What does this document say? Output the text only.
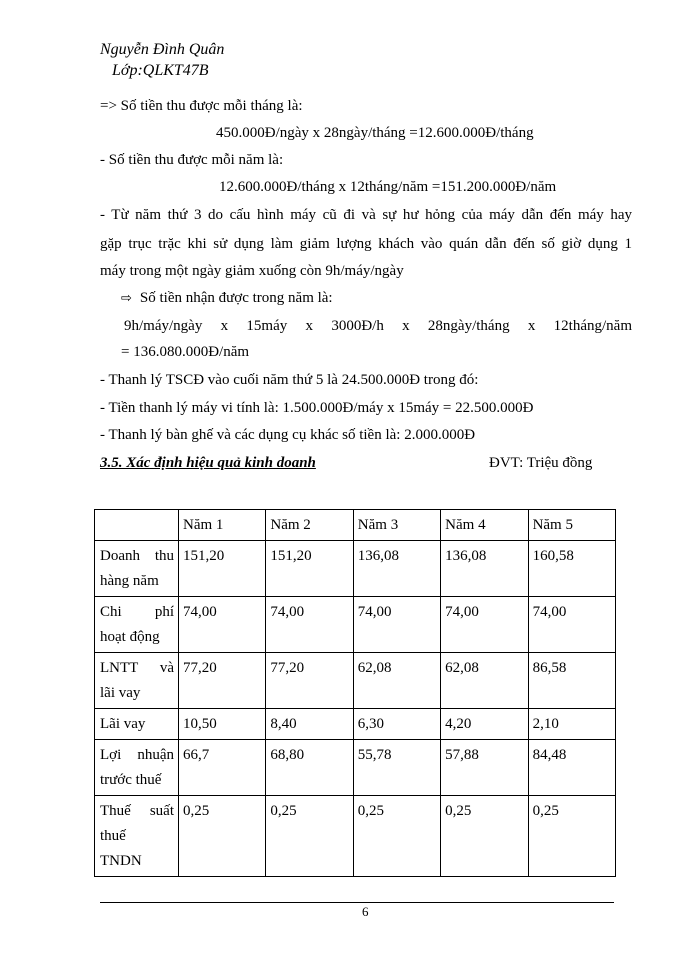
Nguyễn Đình Quân
Lớp:QLKT47B
=> Số tiền thu được mỗi tháng là:
450.000Đ/ngày x 28ngày/tháng =12.600.000Đ/tháng
- Số tiền thu được mỗi năm là:
12.600.000Đ/tháng x 12tháng/năm =151.200.000Đ/năm
- Từ năm thứ 3 do cấu hình máy cũ đi và sự hư hỏng của máy dẫn đến máy hay
gặp trục trặc khi sử dụng làm giảm lượng khách vào quán dẫn đến số giờ dụng 1
máy trong một ngày giảm xuống còn 9h/máy/ngày
⇨ Số tiền nhận được trong năm là:
9h/máy/ngày x 15máy x 3000Đ/h x 28ngày/tháng x 12tháng/năm
= 136.080.000Đ/năm
- Thanh lý TSCĐ vào cuối năm thứ 5 là 24.500.000Đ trong đó:
- Tiền thanh lý máy vi tính là: 1.500.000Đ/máy x 15máy = 22.500.000Đ
- Thanh lý bàn ghế và các dụng cụ khác số tiền là: 2.000.000Đ
3.5. Xác định hiệu quả kinh doanh	ĐVT: Triệu đồng
	Năm 1	Năm 2	Năm 3	Năm 4	Năm 5

Doanh thu
hàng năm	151,20	151,20	136,08	136,08	160,58

Chi phí
hoạt động	74,00	74,00	74,00	74,00	74,00

LNTT và
lãi vay	77,20	77,20	62,08	62,08	86,58
Lãi vay	10,50	8,40	6,30	4,20	2,10

Lợi nhuận
trước thuế	66,7	68,80	55,78	57,88	84,48

Thuế suất
thuế
TNDN	0,25	0,25	0,25	0,25	0,25
6
